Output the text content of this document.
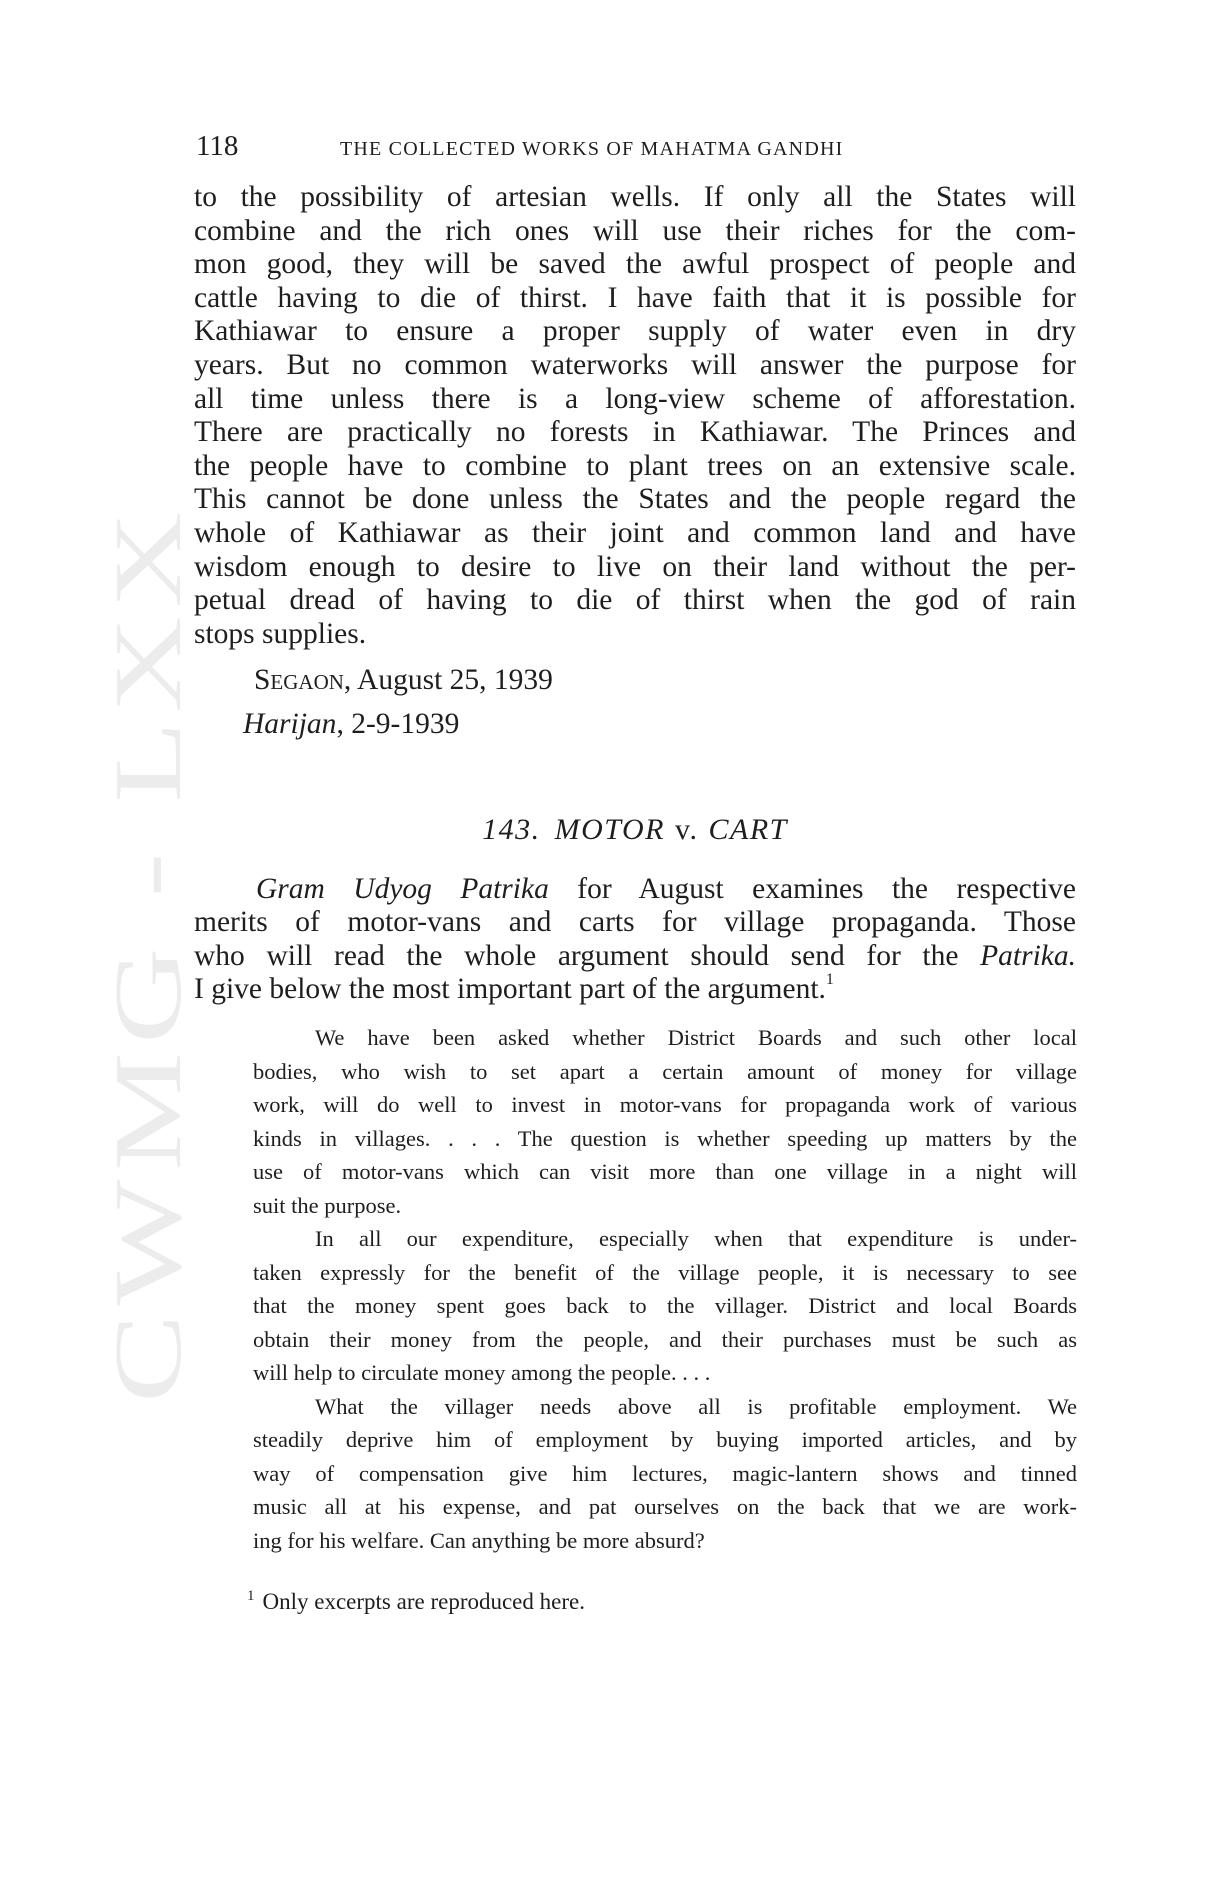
CWMG - LXX
118	THE COLLECTED WORKS OF MAHATMA GANDHI
to the possibility of artesian wells. If only all the States will
combine and the rich ones will use their riches for the com-
mon good, they will be saved the awful prospect of people and
cattle having to die of thirst. I have faith that it is possible for
Kathiawar to ensure a proper supply of water even in dry
years. But no common waterworks will answer the purpose for
all time unless there is a long-view scheme of afforestation.
There are practically no forests in Kathiawar. The Princes and
the people have to combine to plant trees on an extensive scale.
This cannot be done unless the States and the people regard the
whole of Kathiawar as their joint and common land and have
wisdom enough to desire to live on their land without the per-
petual dread of having to die of thirst when the god of rain
stops supplies.
Segaon, August 25, 1939
Harijan, 2-9-1939
143. MOTOR v. CART
Gram Udyog Patrika for August examines the respective
merits of motor-vans and carts for village propaganda. Those
who will read the whole argument should send for the Patrika.
I give below the most important part of the argument.$^1$
We have been asked whether District Boards and such other local
bodies, who wish to set apart a certain amount of money for village
work, will do well to invest in motor-vans for propaganda work of various
kinds in villages. . . . The question is whether speeding up matters by the
use of motor-vans which can visit more than one village in a night will
suit the purpose.
In all our expenditure, especially when that expenditure is under-
taken expressly for the benefit of the village people, it is necessary to see
that the money spent goes back to the villager. District and local Boards
obtain their money from the people, and their purchases must be such as
will help to circulate money among the people. . . .
What the villager needs above all is profitable employment. We
steadily deprive him of employment by buying imported articles, and by
way of compensation give him lectures, magic-lantern shows and tinned
music all at his expense, and pat ourselves on the back that we are work-
ing for his welfare. Can anything be more absurd?
$^1$ Only excerpts are reproduced here.
